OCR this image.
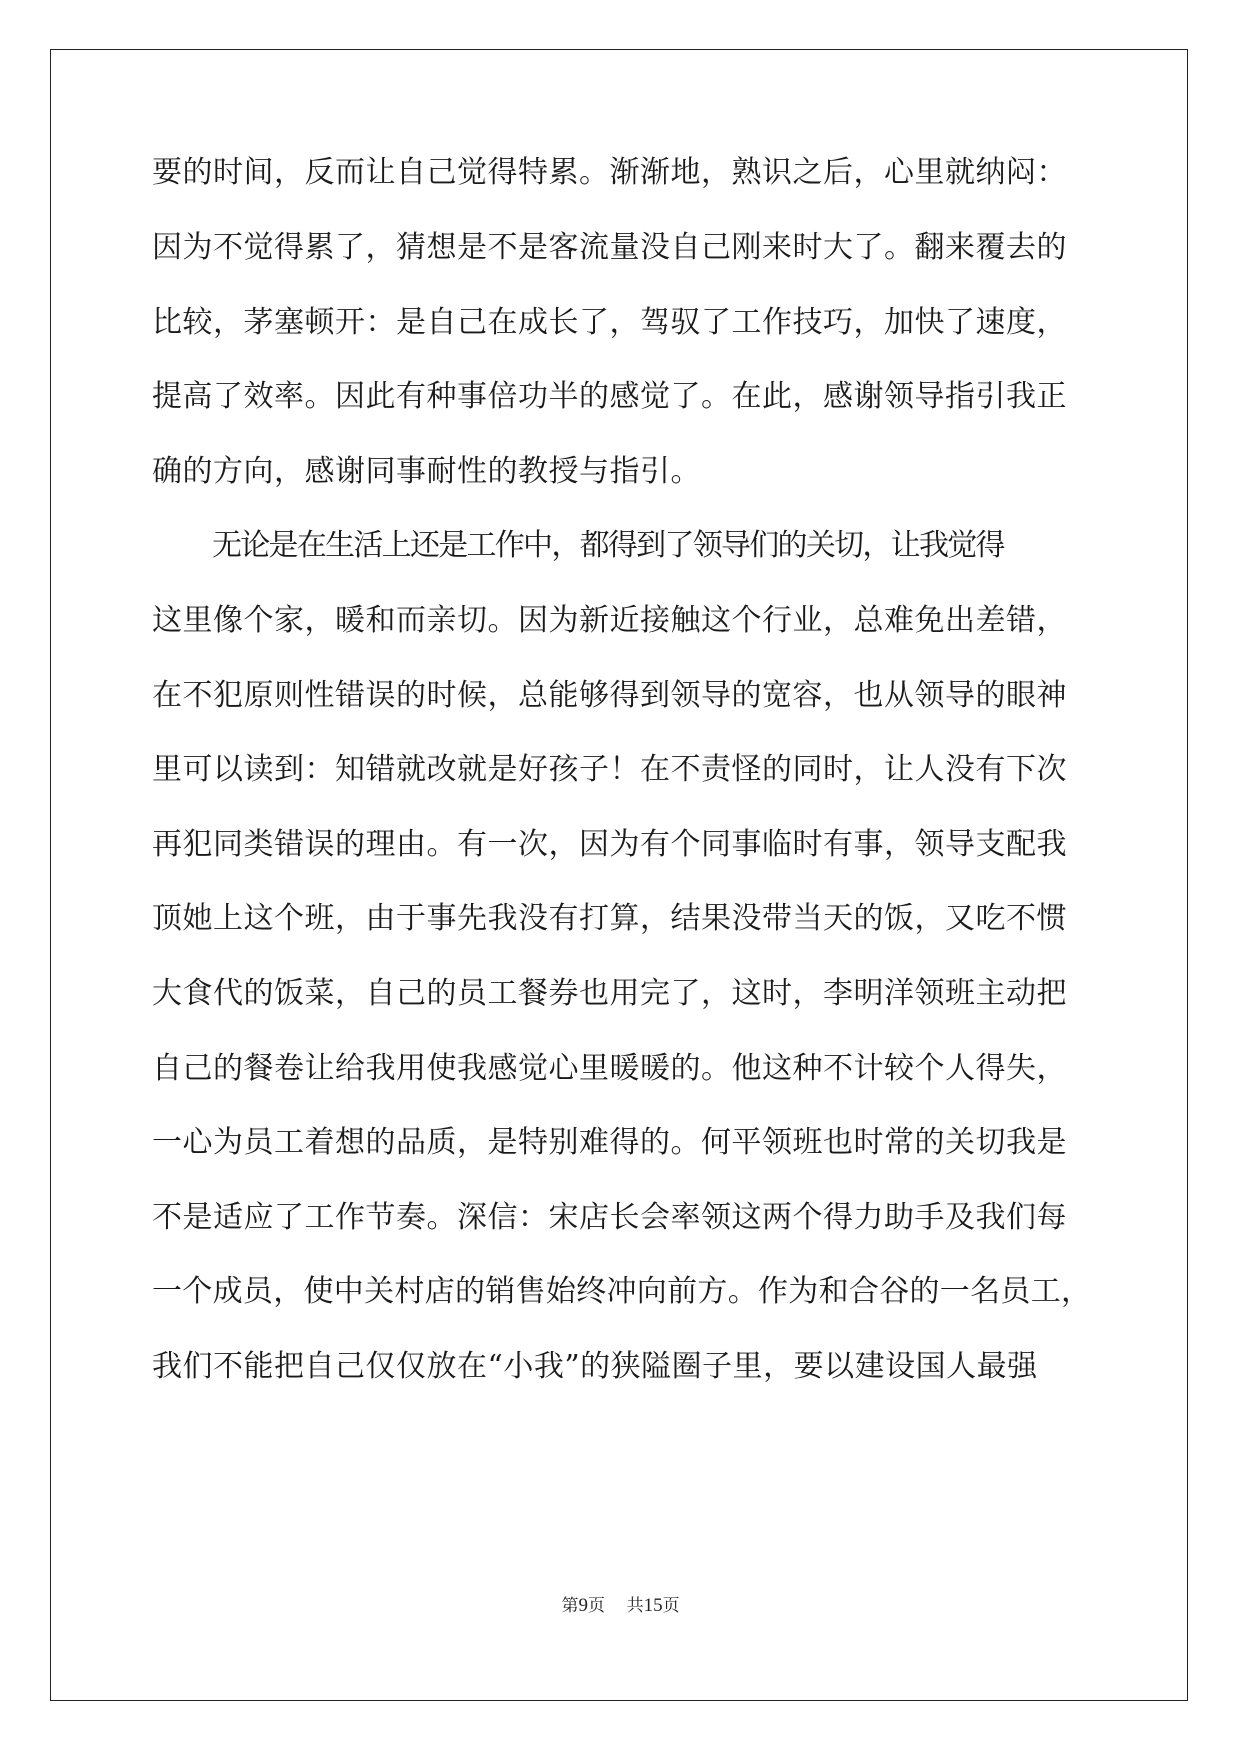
要的时间，反而让自己觉得特累。渐渐地，熟识之后，心里就纳闷：
因为不觉得累了，猜想是不是客流量没自己刚来时大了。翻来覆去的
比较，茅塞顿开：是自己在成长了，驾驭了工作技巧，加快了速度，
提高了效率。因此有种事倍功半的感觉了。在此，感谢领导指引我正
确的方向，感谢同事耐性的教授与指引。
无论是在生活上还是工作中，都得到了领导们的关切，让我觉得
这里像个家，暖和而亲切。因为新近接触这个行业，总难免出差错，
在不犯原则性错误的时候，总能够得到领导的宽容，也从领导的眼神
里可以读到：知错就改就是好孩子！在不责怪的同时，让人没有下次
再犯同类错误的理由。有一次，因为有个同事临时有事，领导支配我
顶她上这个班，由于事先我没有打算，结果没带当天的饭，又吃不惯
大食代的饭菜，自己的员工餐券也用完了，这时，李明洋领班主动把
自己的餐卷让给我用使我感觉心里暖暖的。他这种不计较个人得失，
一心为员工着想的品质，是特别难得的。何平领班也时常的关切我是
不是适应了工作节奏。深信：宋店长会率领这两个得力助手及我们每
一个成员，使中关村店的销售始终冲向前方。作为和合谷的一名员工，
我们不能把自己仅仅放在“小我”的狭隘圈子里，要以建设国人最强
第9页 共15页
